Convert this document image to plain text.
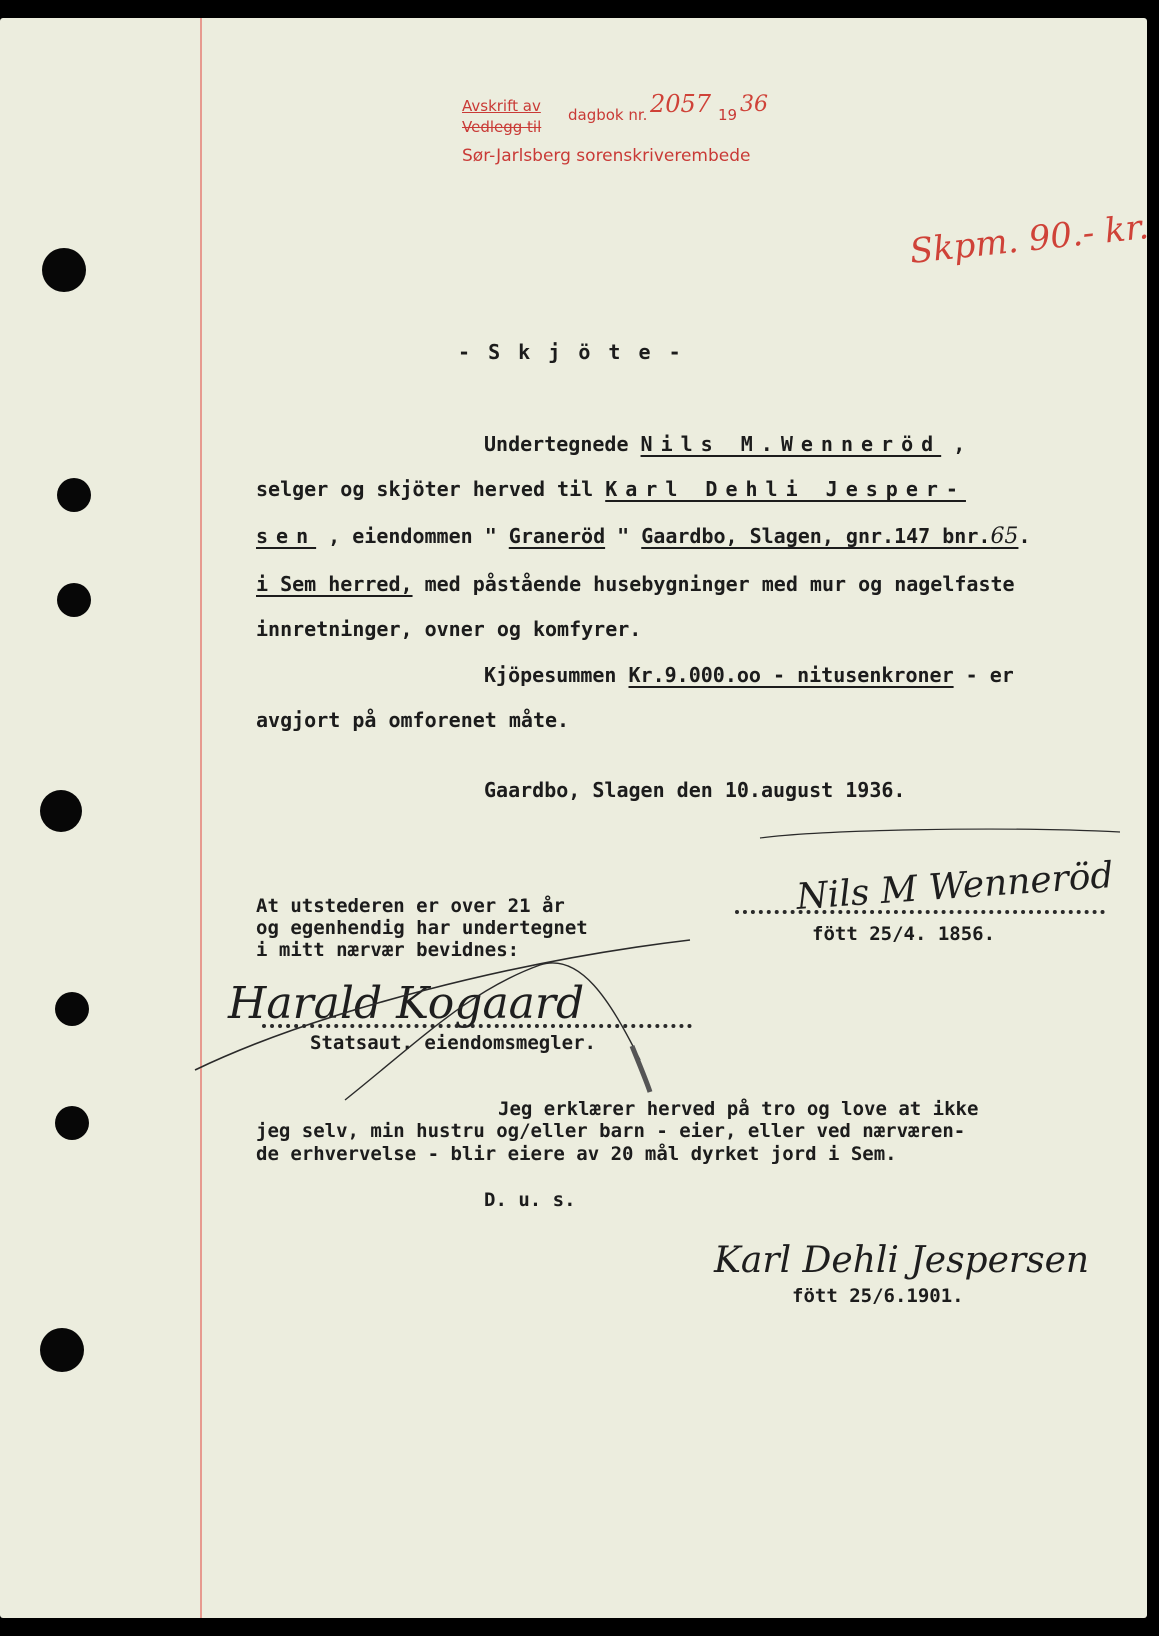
Avskrift av
Vedlegg til
dagbok nr. 2057 19 36
Sør-Jarlsberg sorenskriverembede
Skpm. 90.- kr.
- S k j ö t e -
Undertegnede Nils M.Wenneröd ,
selger og skjöter herved til Karl Dehli Jesper-
sen , eiendommen " Graneröd " Gaardbo, Slagen, gnr.147 bnr.65.
i Sem herred, med påstående husebygninger med mur og nagelfaste
innretninger, ovner og komfyrer.
Kjöpesummen Kr.9.000.oo - nitusenkroner - er
avgjort på omforenet måte.
Gaardbo, Slagen den 10.august 1936.
At utstederen er over 21 år
og egenhendig har undertegnet
i mitt nærvær bevidnes:
Nils M Wenneröd
fött 25/4. 1856.
Harald Kogaard
Statsaut. eiendomsmegler.
Jeg erklærer herved på tro og love at ikke
jeg selv, min hustru og/eller barn - eier, eller ved nærværen-
de erhvervelse - blir eiere av 20 mål dyrket jord i Sem.
D. u. s.
Karl Dehli Jespersen
fött 25/6.1901.
